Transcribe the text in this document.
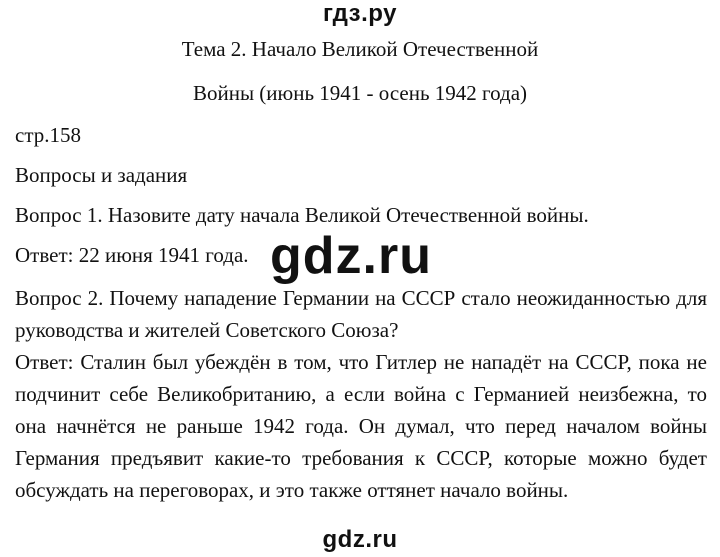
гдз.ру
Тема 2. Начало Великой Отечественной
Войны (июнь 1941 - осень 1942 года)
стр.158
Вопросы и задания
Вопрос 1. Назовите дату начала Великой Отечественной войны.
Ответ: 22 июня 1941 года.
Вопрос 2. Почему нападение Германии на СССР стало неожиданностью для руководства и жителей Советского Союза?
Ответ: Сталин был убеждён в том, что Гитлер не нападёт на СССР, пока не подчинит себе Великобританию, а если война с Германией неизбежна, то она начнётся не раньше 1942 года. Он думал, что перед началом войны Германия предъявит какие-то требования к СССР, которые можно будет обсуждать на переговорах, и это также оттянет начало войны.
gdz.ru
gdz.ru
